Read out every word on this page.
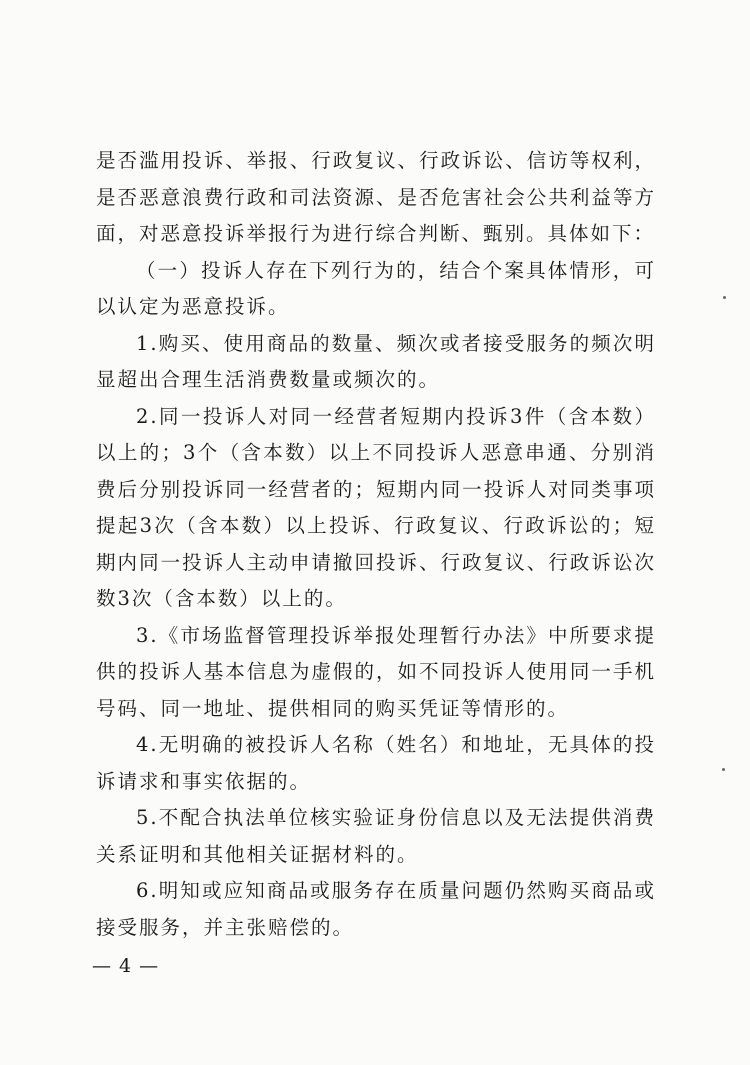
是否滥用投诉、举报、行政复议、行政诉讼、信访等权利，是否恶意浪费行政和司法资源、是否危害社会公共利益等方面，对恶意投诉举报行为进行综合判断、甄别。具体如下：

（一）投诉人存在下列行为的，结合个案具体情形，可以认定为恶意投诉。

1.购买、使用商品的数量、频次或者接受服务的频次明显超出合理生活消费数量或频次的。

2.同一投诉人对同一经营者短期内投诉3件（含本数）以上的；3个（含本数）以上不同投诉人恶意串通、分别消费后分别投诉同一经营者的；短期内同一投诉人对同类事项提起3次（含本数）以上投诉、行政复议、行政诉讼的；短期内同一投诉人主动申请撤回投诉、行政复议、行政诉讼次数3次（含本数）以上的。

3.《市场监督管理投诉举报处理暂行办法》中所要求提供的投诉人基本信息为虚假的，如不同投诉人使用同一手机号码、同一地址、提供相同的购买凭证等情形的。

4.无明确的被投诉人名称（姓名）和地址，无具体的投诉请求和事实依据的。

5.不配合执法单位核实验证身份信息以及无法提供消费关系证明和其他相关证据材料的。

6.明知或应知商品或服务存在质量问题仍然购买商品或接受服务，并主张赔偿的。

— 4 —
